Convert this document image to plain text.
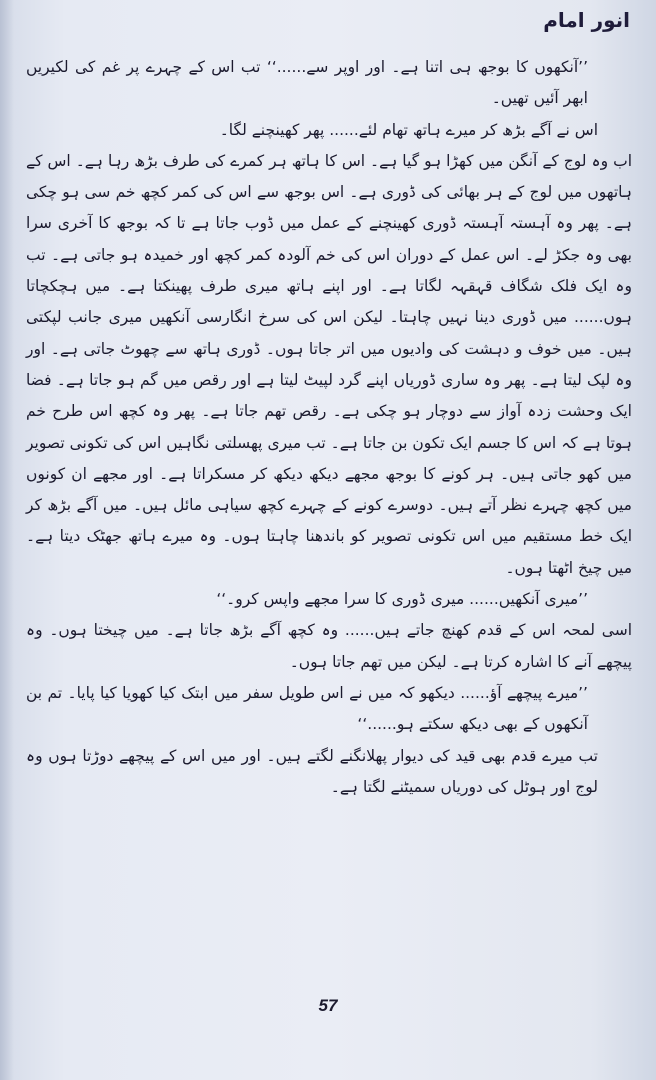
انور امام

’’آنکھوں کا بوجھ ہی اتنا ہے۔ اور اوپر سے......‘‘ تب اس کے چہرے پر غم کی لکیریں ابھر آئیں تھیں۔

اس نے آگے بڑھ کر میرے ہاتھ تھام لئے...... پھر کھینچنے لگا۔

اب وہ لوج کے آنگن میں کھڑا ہو گیا ہے۔ اس کا ہاتھ ہر کمرے کی طرف بڑھ رہا ہے۔ اس کے ہاتھوں میں لوج کے ہر بھائی کی ڈوری ہے۔ اس بوجھ سے اس کی کمر کچھ خم سی ہو چکی ہے۔ پھر وہ آہستہ آہستہ ڈوری کھینچنے کے عمل میں ڈوب جاتا ہے تا کہ بوجھ کا آخری سرا بھی وہ جکڑ لے۔ اس عمل کے دوران اس کی خم آلودہ کمر کچھ اور خمیدہ ہو جاتی ہے۔ تب وہ ایک فلک شگاف قہقہہ لگاتا ہے۔ اور اپنے ہاتھ میری طرف پھینکتا ہے۔ میں ہچکچاتا ہوں...... میں ڈوری دینا نہیں چاہتا۔ لیکن اس کی سرخ انگارسی آنکھیں میری جانب لپکتی ہیں۔ میں خوف و دہشت کی وادیوں میں اتر جاتا ہوں۔ ڈوری ہاتھ سے چھوٹ جاتی ہے۔ اور وہ لپک لیتا ہے۔ پھر وہ ساری ڈوریاں اپنے گرد لپیٹ لیتا ہے اور رقص میں گم ہو جاتا ہے۔ فضا ایک وحشت زدہ آواز سے دوچار ہو چکی ہے۔ رقص تھم جاتا ہے۔ پھر وہ کچھ اس طرح خم ہوتا ہے کہ اس کا جسم ایک تکون بن جاتا ہے۔ تب میری پھسلتی نگاہیں اس کی تکونی تصویر میں کھو جاتی ہیں۔ ہر کونے کا بوجھ مجھے دیکھ دیکھ کر مسکراتا ہے۔ اور مجھے ان کونوں میں کچھ چہرے نظر آتے ہیں۔ دوسرے کونے کے چہرے کچھ سیاہی مائل ہیں۔ میں آگے بڑھ کر ایک خط مستقیم میں اس تکونی تصویر کو باندھنا چاہتا ہوں۔ وہ میرے ہاتھ جھٹک دیتا ہے۔ میں چیخ اٹھتا ہوں۔

’’میری آنکھیں...... میری ڈوری کا سرا مجھے واپس کرو۔‘‘

اسی لمحہ اس کے قدم کھنچ جاتے ہیں...... وہ کچھ آگے بڑھ جاتا ہے۔ میں چیختا ہوں۔ وہ پیچھے آنے کا اشارہ کرتا ہے۔ لیکن میں تھم جاتا ہوں۔

’’میرے پیچھے آؤ...... دیکھو کہ میں نے اس طویل سفر میں ابتک کیا کھویا کیا پایا۔ تم بن آنکھوں کے بھی دیکھ سکتے ہو......‘‘

تب میرے قدم بھی قید کی دیوار پھلانگنے لگتے ہیں۔ اور میں اس کے پیچھے دوڑتا ہوں وہ لوج اور ہوٹل کی دوریاں سمیٹنے لگتا ہے۔

57
